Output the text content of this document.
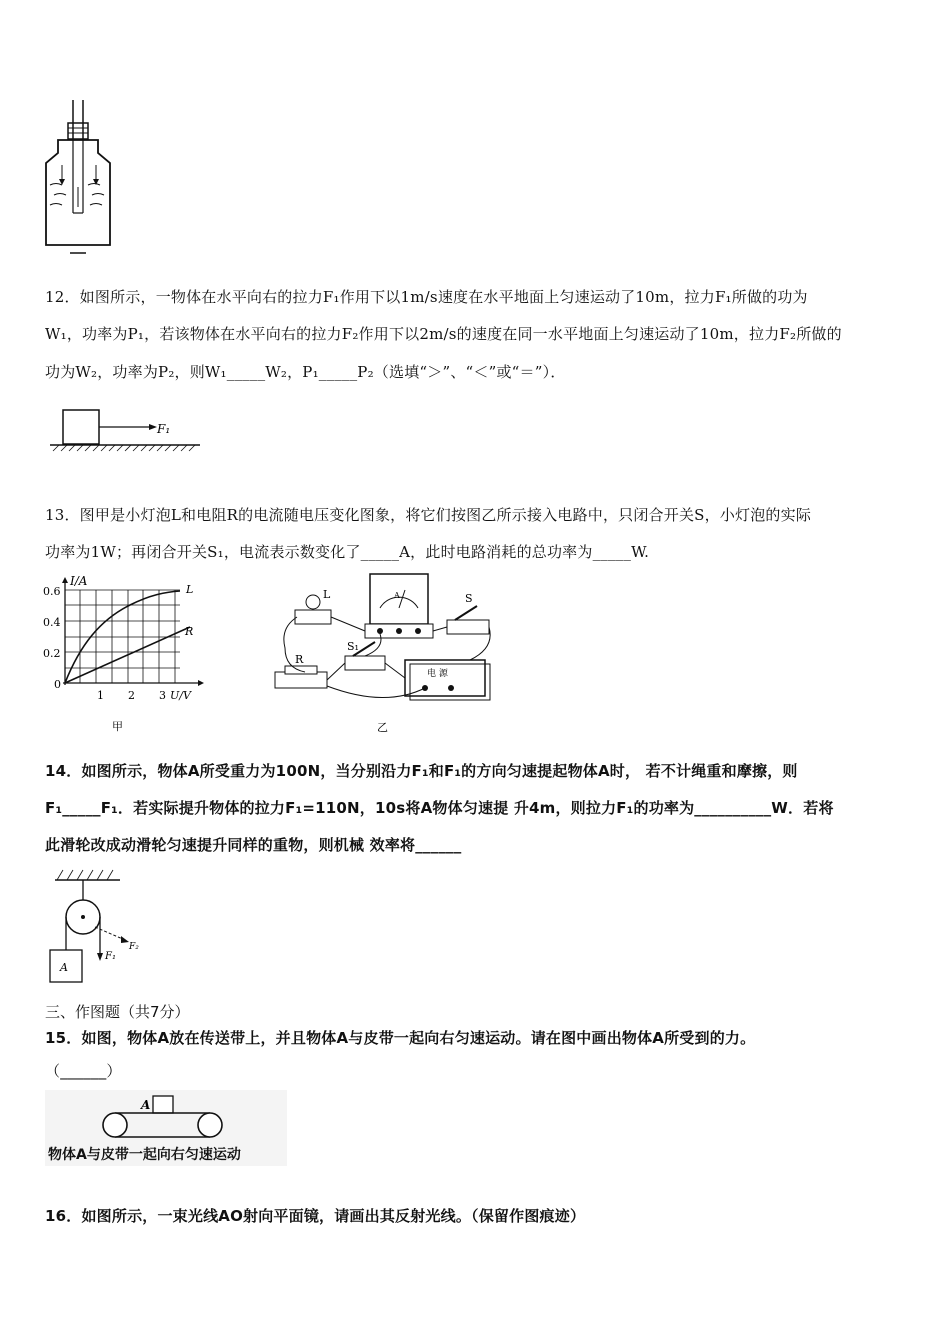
12．如图所示，一物体在水平向右的拉力F₁作用下以1m/s速度在水平地面上匀速运动了10m，拉力F₁所做的功为
W₁，功率为P₁，若该物体在水平向右的拉力F₂作用下以2m/s的速度在同一水平地面上匀速运动了10m，拉力F₂所做的
功为W₂，功率为P₂，则W₁_____W₂，P₁_____P₂（选填“＞”、“＜”或“＝”）．
F₁
13．图甲是小灯泡L和电阻R的电流随电压变化图象，将它们按图乙所示接入电路中，只闭合开关S，小灯泡的实际
功率为1W；再闭合开关S₁，电流表示数变化了_____A，此时电路消耗的总功率为_____W.
I/A
L
R
0.6
0.4
0.2
0
1 2 3 U/V
甲
A
L	S
S₁
R
电 源
乙
14．如图所示，物体A所受重力为100N，当分别沿力F₁和F₁的方向匀速提起物体A时， 若不计绳重和摩擦，则
F₁_____F₁．若实际提升物体的拉力F₁=110N，10s将A物体匀速提 升4m，则拉力F₁的功率为__________W．若将
此滑轮改成动滑轮匀速提升同样的重物，则机械 效率将______
A
F₁
F₂
三、作图题（共7分）
15．如图，物体A放在传送带上，并且物体A与皮带一起向右匀速运动。请在图中画出物体A所受到的力。
（______）
A
物体A与皮带一起向右匀速运动
16．如图所示，一束光线AO射向平面镜，请画出其反射光线。（保留作图痕迹）
